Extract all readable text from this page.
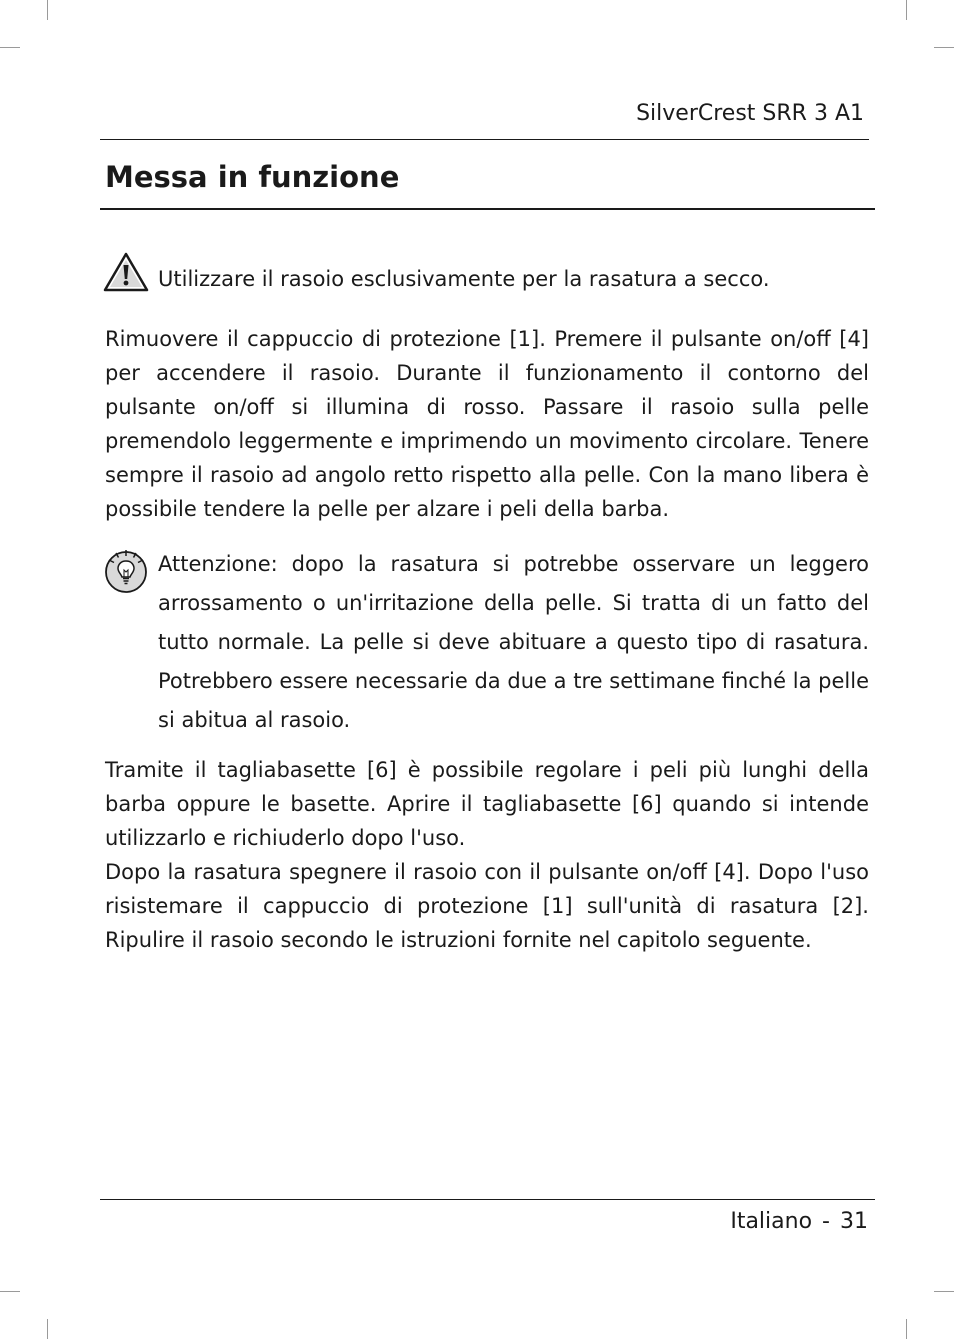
SilverCrest SRR 3 A1
Messa in funzione

Utilizzare il rasoio esclusivamente per la rasatura a secco.

Rimuovere il cappuccio di protezione [1]. Premere il pulsante on/off [4] per accendere il rasoio. Durante il funzionamento il contorno del pulsante on/off si illumina di rosso. Passare il rasoio sulla pelle premendolo leggermente e imprimendo un movimento circolare. Tenere sempre il rasoio ad angolo retto rispetto alla pelle. Con la mano libera è possibile tendere la pelle per alzare i peli della barba.

Attenzione: dopo la rasatura si potrebbe osservare un leggero arrossamento o un'irritazione della pelle. Si tratta di un fatto del tutto normale. La pelle si deve abituare a questo tipo di rasatura. Potrebbero essere necessarie da due a tre settimane finché la pelle si abitua al rasoio.

Tramite il tagliabasette [6] è possibile regolare i peli più lunghi della barba oppure le basette. Aprire il tagliabasette [6] quando si intende utilizzarlo e richiuderlo dopo l'uso.

Dopo la rasatura spegnere il rasoio con il pulsante on/off [4]. Dopo l'uso risistemare il cappuccio di protezione [1] sull'unità di rasatura [2]. Ripulire il rasoio secondo le istruzioni fornite nel capitolo seguente.

Italiano - 31
